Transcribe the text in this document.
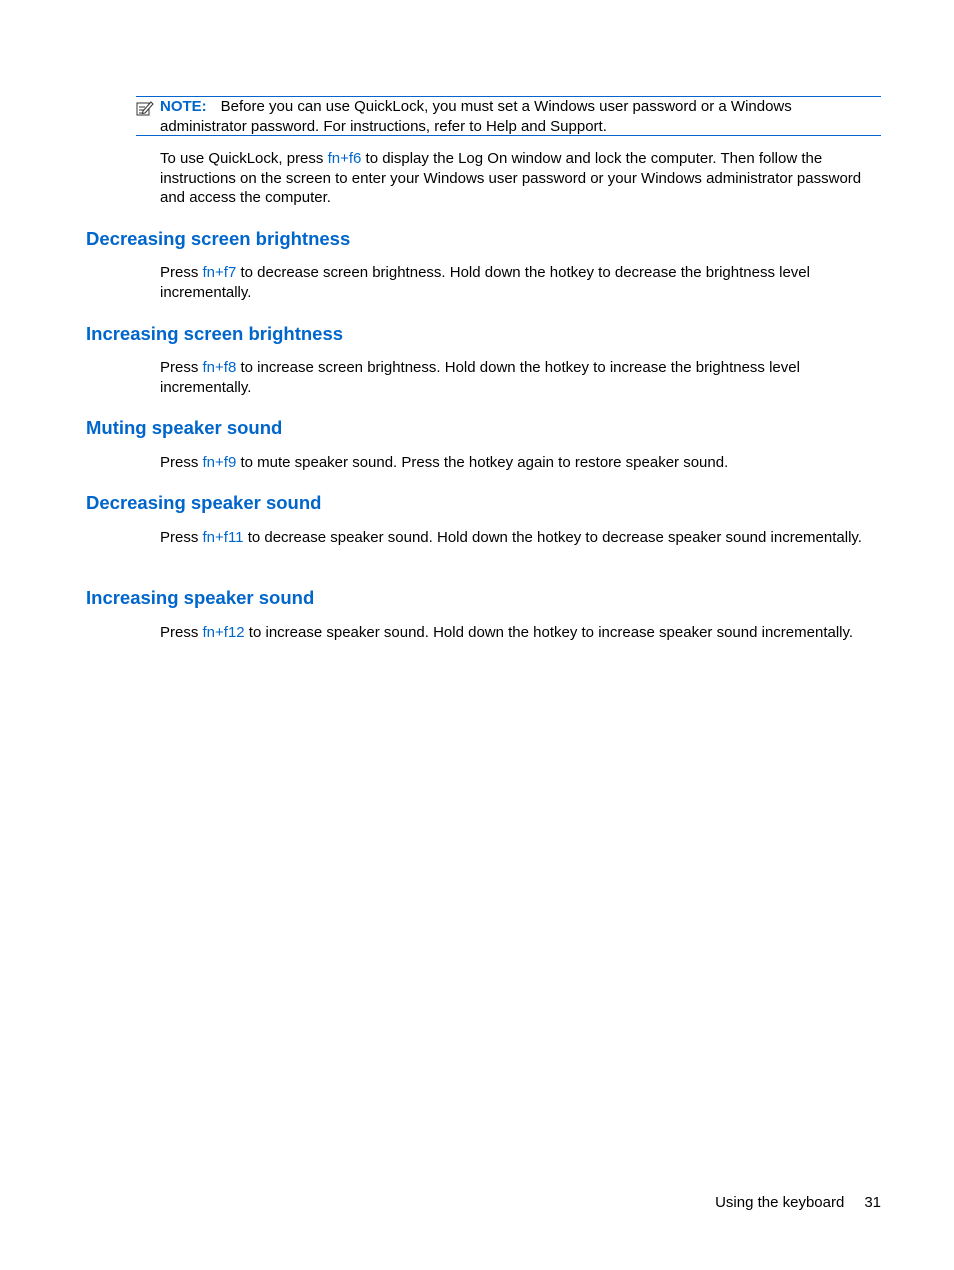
NOTE: Before you can use QuickLock, you must set a Windows user password or a Windows administrator password. For instructions, refer to Help and Support.

To use QuickLock, press fn+f6 to display the Log On window and lock the computer. Then follow the instructions on the screen to enter your Windows user password or your Windows administrator password and access the computer.

Decreasing screen brightness

Press fn+f7 to decrease screen brightness. Hold down the hotkey to decrease the brightness level incrementally.

Increasing screen brightness

Press fn+f8 to increase screen brightness. Hold down the hotkey to increase the brightness level incrementally.

Muting speaker sound

Press fn+f9 to mute speaker sound. Press the hotkey again to restore speaker sound.

Decreasing speaker sound

Press fn+f11 to decrease speaker sound. Hold down the hotkey to decrease speaker sound incrementally.

Increasing speaker sound

Press fn+f12 to increase speaker sound. Hold down the hotkey to increase speaker sound incrementally.

Using the keyboard 31
